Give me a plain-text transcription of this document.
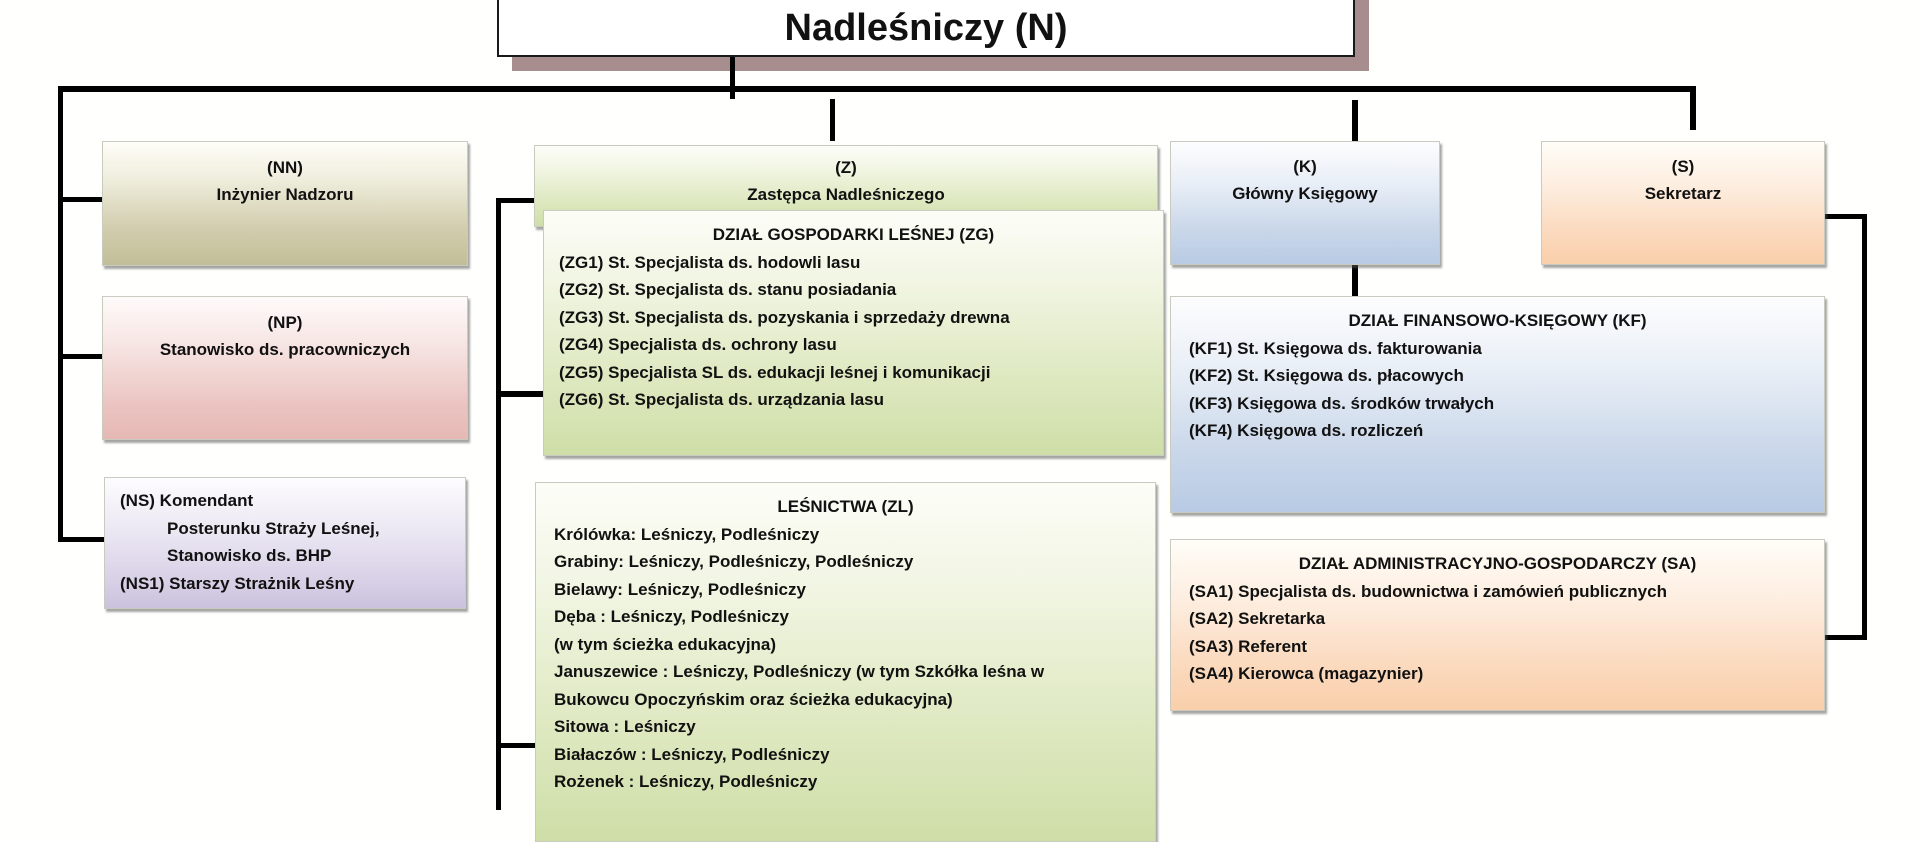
Nadleśniczy (N)
(NN)
Inżynier Nadzoru
(NP)
Stanowisko ds. pracowniczych
(NS) Komendant
Posterunku Straży Leśnej,
Stanowisko ds. BHP
(NS1) Starszy Strażnik Leśny
(Z)
Zastępca Nadleśniczego
DZIAŁ GOSPODARKI LEŚNEJ (ZG)
(ZG1) St. Specjalista ds. hodowli lasu
(ZG2) St. Specjalista ds. stanu posiadania
(ZG3) St. Specjalista ds. pozyskania i sprzedaży drewna
(ZG4) Specjalista ds. ochrony lasu
(ZG5) Specjalista SL ds. edukacji leśnej i komunikacji
(ZG6) St. Specjalista ds. urządzania lasu
LEŚNICTWA (ZL)
Królówka: Leśniczy, Podleśniczy
Grabiny: Leśniczy, Podleśniczy, Podleśniczy
Bielawy: Leśniczy, Podleśniczy
Dęba : Leśniczy, Podleśniczy
(w tym ścieżka edukacyjna)
Januszewice : Leśniczy, Podleśniczy (w tym Szkółka leśna w
Bukowcu Opoczyńskim oraz ścieżka edukacyjna)
Sitowa : Leśniczy
Białaczów : Leśniczy, Podleśniczy
Rożenek : Leśniczy, Podleśniczy
(K)
Główny Księgowy
(S)
Sekretarz
DZIAŁ FINANSOWO-KSIĘGOWY (KF)
(KF1) St. Księgowa ds. fakturowania
(KF2) St. Księgowa ds. płacowych
(KF3) Księgowa ds. środków trwałych
(KF4) Księgowa ds. rozliczeń
DZIAŁ ADMINISTRACYJNO-GOSPODARCZY (SA)
(SA1) Specjalista ds. budownictwa i zamówień publicznych
(SA2) Sekretarka
(SA3) Referent
(SA4) Kierowca (magazynier)
